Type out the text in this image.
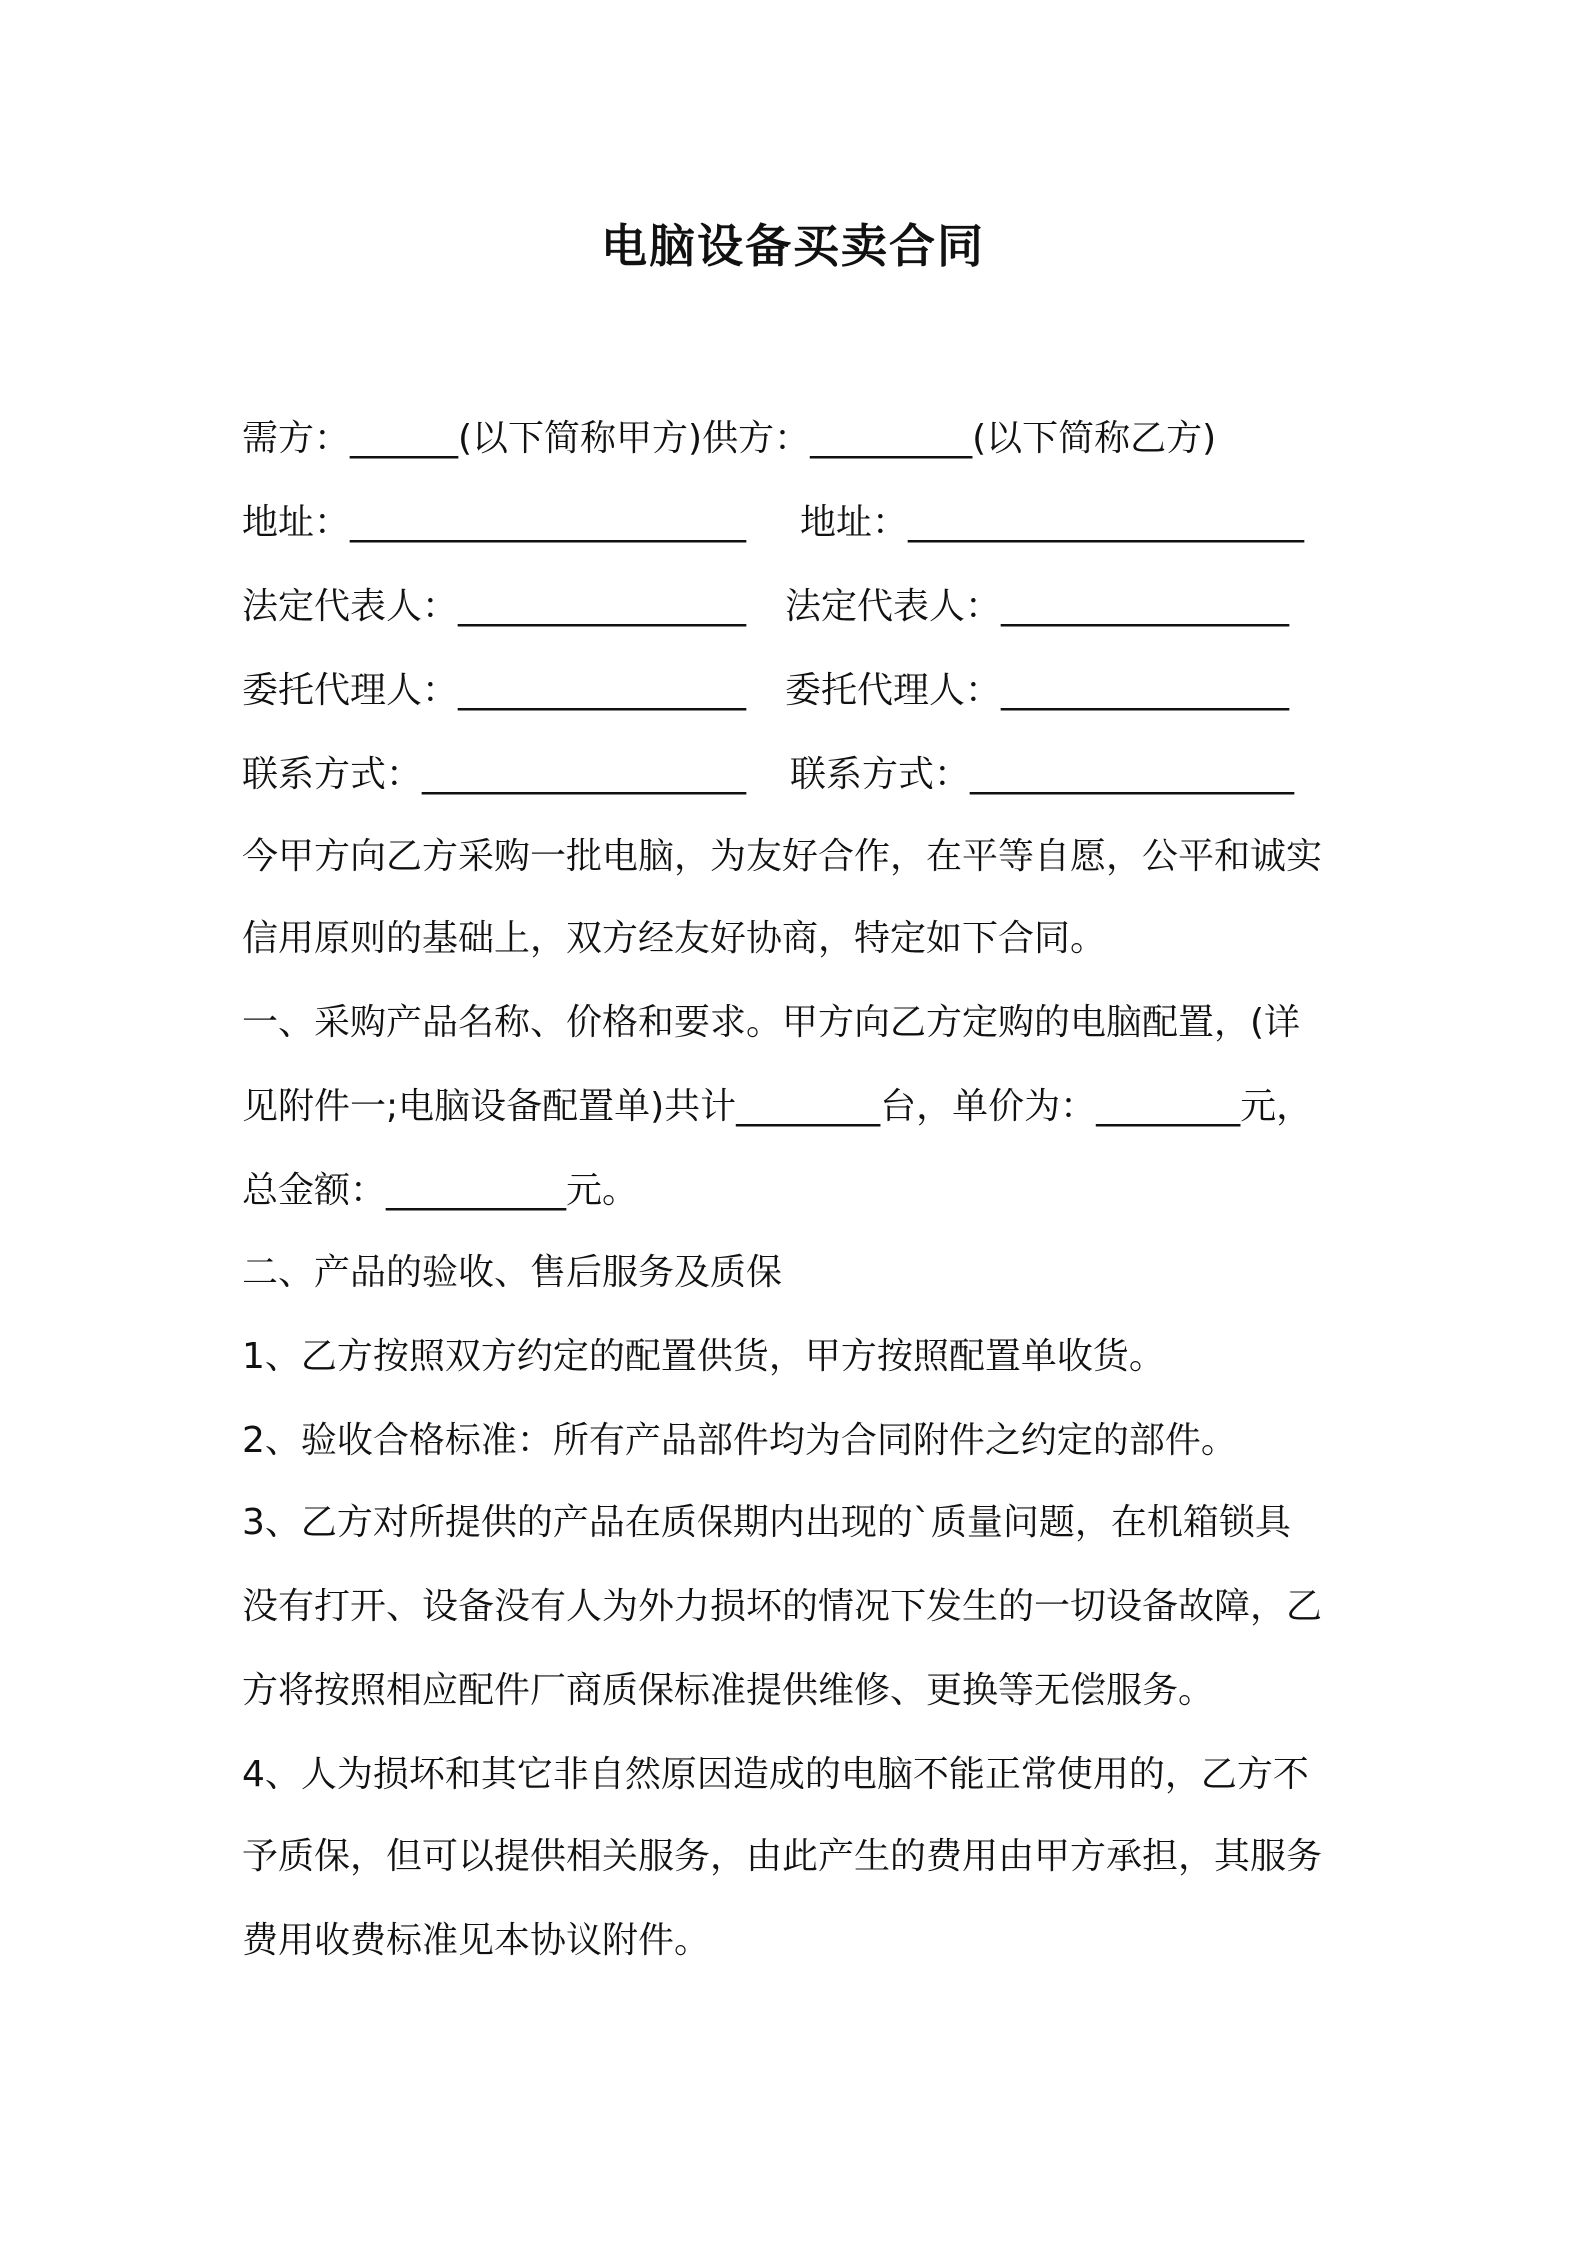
电脑设备买卖合同
需方：______(以下简称甲方)供方：_________(以下简称乙方)
地址：______________________ 地址：______________________
法定代表人：________________ 法定代表人：________________
委托代理人：________________ 委托代理人：________________
联系方式：__________________ 联系方式：__________________
今甲方向乙方采购一批电脑，为友好合作，在平等自愿，公平和诚实
信用原则的基础上，双方经友好协商，特定如下合同。
一、采购产品名称、价格和要求。甲方向乙方定购的电脑配置，(详
见附件一;电脑设备配置单)共计________台，单价为：________元，
总金额：__________元。
二、产品的验收、售后服务及质保
1、乙方按照双方约定的配置供货，甲方按照配置单收货。
2、验收合格标准：所有产品部件均为合同附件之约定的部件。
3、乙方对所提供的产品在质保期内出现的`质量问题，在机箱锁具
没有打开、设备没有人为外力损坏的情况下发生的一切设备故障，乙
方将按照相应配件厂商质保标准提供维修、更换等无偿服务。
4、人为损坏和其它非自然原因造成的电脑不能正常使用的，乙方不
予质保，但可以提供相关服务，由此产生的费用由甲方承担，其服务
费用收费标准见本协议附件。
